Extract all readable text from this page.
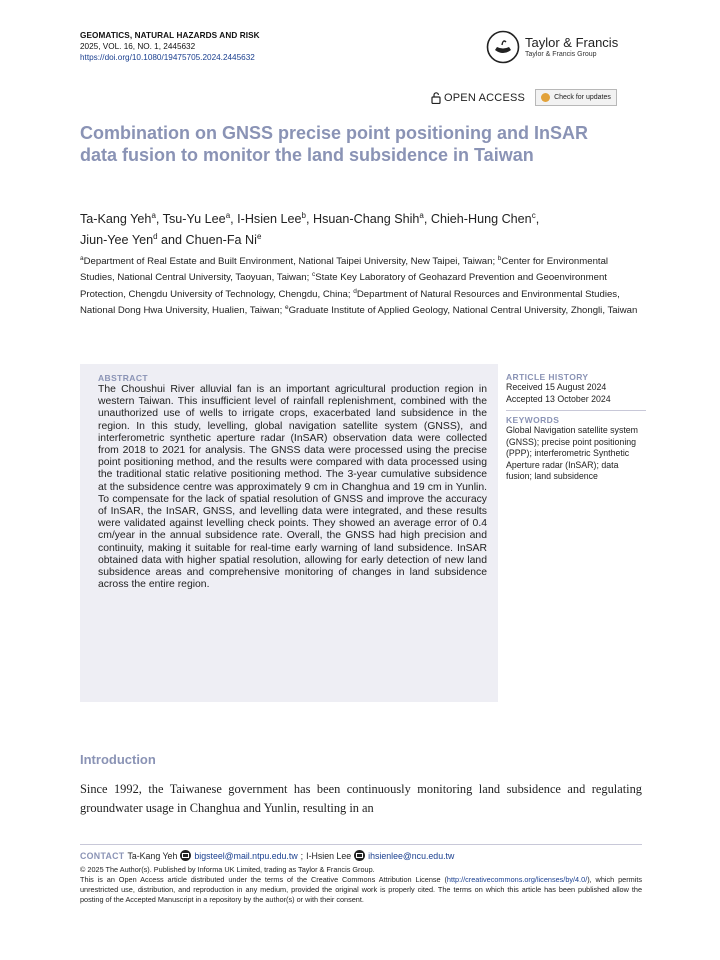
GEOMATICS, NATURAL HAZARDS AND RISK
2025, VOL. 16, NO. 1, 2445632
https://doi.org/10.1080/19475705.2024.2445632
Taylor & Francis
Taylor & Francis Group
OPEN ACCESS	Check for updates
Combination on GNSS precise point positioning and InSAR data fusion to monitor the land subsidence in Taiwan
Ta-Kang Yeh$^a$, Tsu-Yu Lee$^a$, I-Hsien Lee$^b$, Hsuan-Chang Shih$^a$, Chieh-Hung Chen$^c$,
Jiun-Yee Yen$^d$ and Chuen-Fa Ni$^e$
$^a$Department of Real Estate and Built Environment, National Taipei University, New Taipei, Taiwan; $^b$Center for Environmental Studies, National Central University, Taoyuan, Taiwan; $^c$State Key Laboratory of Geohazard Prevention and Geoenvironment Protection, Chengdu University of Technology, Chengdu, China; $^d$Department of Natural Resources and Environmental Studies, National Dong Hwa University, Hualien, Taiwan; $^e$Graduate Institute of Applied Geology, National Central University, Zhongli, Taiwan
ABSTRACT
The Choushui River alluvial fan is an important agricultural production region in western Taiwan. This insufficient level of rainfall replenishment, combined with the unauthorized use of wells to irrigate crops, exacerbated land subsidence in the region. In this study, levelling, global navigation satellite system (GNSS), and interferometric synthetic aperture radar (InSAR) observation data were collected from 2018 to 2021 for analysis. The GNSS data were processed using the precise point positioning method, and the results were compared with data processed using the traditional static relative positioning method. The 3-year cumulative subsidence at the subsidence centre was approximately 9 cm in Changhua and 19 cm in Yunlin. To compensate for the lack of spatial resolution of GNSS and improve the accuracy of InSAR, the InSAR, GNSS, and levelling data were integrated, and these results were validated against levelling check points. They showed an average error of 0.4 cm/year in the annual subsidence rate. Overall, the GNSS had high precision and continuity, making it suitable for real-time early warning of land subsidence. InSAR obtained data with higher spatial resolution, allowing for early detection of new land subsidence areas and comprehensive monitoring of changes in land subsidence across the entire region.
ARTICLE HISTORY
Received 15 August 2024
Accepted 13 October 2024
KEYWORDS
Global Navigation satellite system (GNSS); precise point positioning (PPP); interferometric Synthetic Aperture radar (InSAR); data fusion; land subsidence
Introduction
Since 1992, the Taiwanese government has been continuously monitoring land subsidence and regulating groundwater usage in Changhua and Yunlin, resulting in an
CONTACT Ta-Kang Yeh bigsteel@mail.ntpu.edu.tw ; I-Hsien Lee ihsienlee@ncu.edu.tw
© 2025 The Author(s). Published by Informa UK Limited, trading as Taylor & Francis Group.
This is an Open Access article distributed under the terms of the Creative Commons Attribution License (http://creativecommons.org/licenses/by/4.0/), which permits unrestricted use, distribution, and reproduction in any medium, provided the original work is properly cited. The terms on which this article has been published allow the posting of the Accepted Manuscript in a repository by the author(s) or with their consent.
